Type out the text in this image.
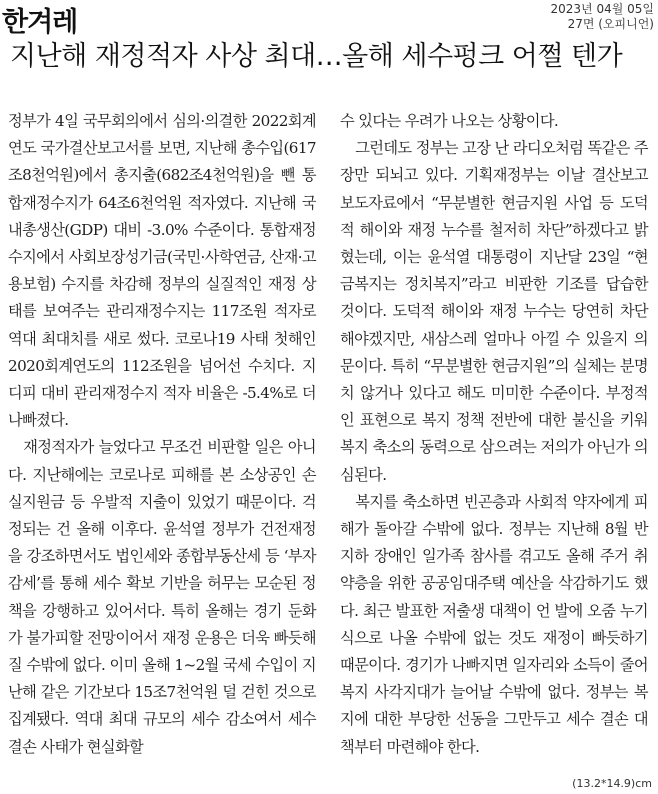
한겨레	2023년 04월 05일
27면 (오피니언)
지난해 재정적자 사상 최대…올해 세수펑크 어쩔 텐가

정부가 4일 국무회의에서 심의·의결한 2022회계연도 국가결산보고서를 보면, 지난해 총수입(617조8천억원)에서 총지출(682조4천억원)을 뺀 통합재정수지가 64조6천억원 적자였다. 지난해 국내총생산(GDP) 대비 -3.0% 수준이다. 통합재정수지에서 사회보장성기금(국민·사학연금, 산재·고용보험) 수지를 차감해 정부의 실질적인 재정 상태를 보여주는 관리재정수지는 117조원 적자로 역대 최대치를 새로 썼다. 코로나19 사태 첫해인 2020회계연도의 112조원을 넘어선 수치다. 지디피 대비 관리재정수지 적자 비율은 -5.4%로 더 나빠졌다.

재정적자가 늘었다고 무조건 비판할 일은 아니다. 지난해에는 코로나로 피해를 본 소상공인 손실지원금 등 우발적 지출이 있었기 때문이다. 걱정되는 건 올해 이후다. 윤석열 정부가 건전재정을 강조하면서도 법인세와 종합부동산세 등 ‘부자 감세’를 통해 세수 확보 기반을 허무는 모순된 정책을 강행하고 있어서다. 특히 올해는 경기 둔화가 불가피할 전망이어서 재정 운용은 더욱 빠듯해질 수밖에 없다. 이미 올해 1~2월 국세 수입이 지난해 같은 기간보다 15조7천억원 덜 걷힌 것으로 집계됐다. 역대 최대 규모의 세수 감소여서 세수 결손 사태가 현실화할

수 있다는 우려가 나오는 상황이다.

그런데도 정부는 고장 난 라디오처럼 똑같은 주장만 되뇌고 있다. 기획재정부는 이날 결산보고 보도자료에서 “무분별한 현금지원 사업 등 도덕적 해이와 재정 누수를 철저히 차단”하겠다고 밝혔는데, 이는 윤석열 대통령이 지난달 23일 “현금복지는 정치복지”라고 비판한 기조를 답습한 것이다. 도덕적 해이와 재정 누수는 당연히 차단해야겠지만, 새삼스레 얼마나 아낄 수 있을지 의문이다. 특히 “무분별한 현금지원”의 실체는 분명치 않거나 있다고 해도 미미한 수준이다. 부정적인 표현으로 복지 정책 전반에 대한 불신을 키워 복지 축소의 동력으로 삼으려는 저의가 아닌가 의심된다.

복지를 축소하면 빈곤층과 사회적 약자에게 피해가 돌아갈 수밖에 없다. 정부는 지난해 8월 반지하 장애인 일가족 참사를 겪고도 올해 주거 취약층을 위한 공공임대주택 예산을 삭감하기도 했다. 최근 발표한 저출생 대책이 언 발에 오줌 누기 식으로 나올 수밖에 없는 것도 재정이 빠듯하기 때문이다. 경기가 나빠지면 일자리와 소득이 줄어 복지 사각지대가 늘어날 수밖에 없다. 정부는 복지에 대한 부당한 선동을 그만두고 세수 결손 대책부터 마련해야 한다.

(13.2*14.9)cm
